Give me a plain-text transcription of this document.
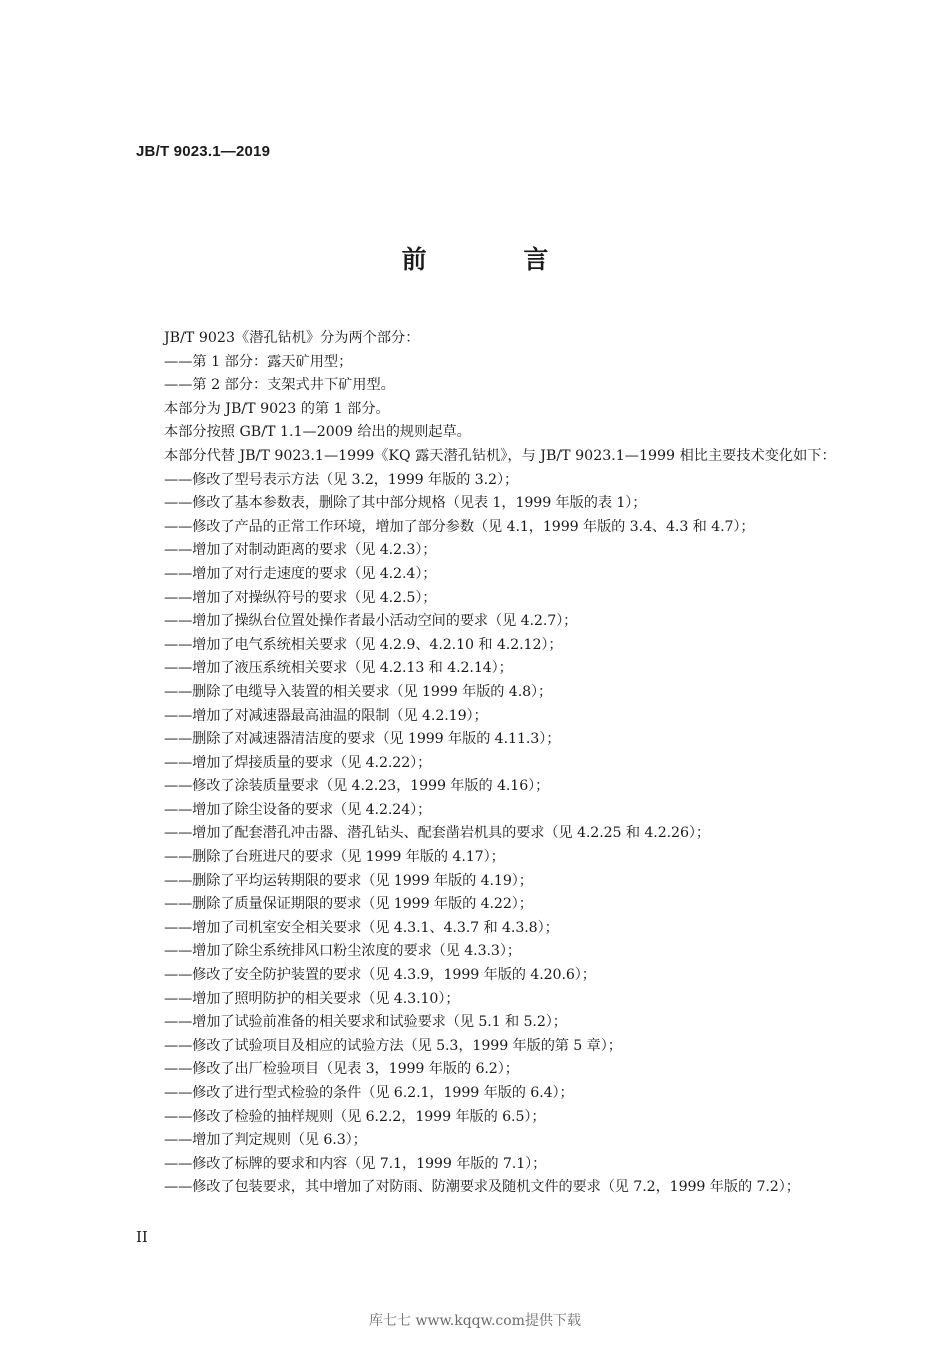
JB/T 9023.1—2019
前 言
JB/T 9023《潜孔钻机》分为两个部分：
——第 1 部分：露天矿用型；
——第 2 部分：支架式井下矿用型。
本部分为 JB/T 9023 的第 1 部分。
本部分按照 GB/T 1.1—2009 给出的规则起草。
本部分代替 JB/T 9023.1—1999《KQ 露天潜孔钻机》，与 JB/T 9023.1—1999 相比主要技术变化如下：
——修改了型号表示方法（见 3.2，1999 年版的 3.2）；
——修改了基本参数表，删除了其中部分规格（见表 1，1999 年版的表 1）；
——修改了产品的正常工作环境，增加了部分参数（见 4.1，1999 年版的 3.4、4.3 和 4.7）；
——增加了对制动距离的要求（见 4.2.3）；
——增加了对行走速度的要求（见 4.2.4）；
——增加了对操纵符号的要求（见 4.2.5）；
——增加了操纵台位置处操作者最小活动空间的要求（见 4.2.7）；
——增加了电气系统相关要求（见 4.2.9、4.2.10 和 4.2.12）；
——增加了液压系统相关要求（见 4.2.13 和 4.2.14）；
——删除了电缆导入装置的相关要求（见 1999 年版的 4.8）；
——增加了对减速器最高油温的限制（见 4.2.19）；
——删除了对减速器清洁度的要求（见 1999 年版的 4.11.3）；
——增加了焊接质量的要求（见 4.2.22）；
——修改了涂装质量要求（见 4.2.23，1999 年版的 4.16）；
——增加了除尘设备的要求（见 4.2.24）；
——增加了配套潜孔冲击器、潜孔钻头、配套凿岩机具的要求（见 4.2.25 和 4.2.26）；
——删除了台班进尺的要求（见 1999 年版的 4.17）；
——删除了平均运转期限的要求（见 1999 年版的 4.19）；
——删除了质量保证期限的要求（见 1999 年版的 4.22）；
——增加了司机室安全相关要求（见 4.3.1、4.3.7 和 4.3.8）；
——增加了除尘系统排风口粉尘浓度的要求（见 4.3.3）；
——修改了安全防护装置的要求（见 4.3.9，1999 年版的 4.20.6）；
——增加了照明防护的相关要求（见 4.3.10）；
——增加了试验前准备的相关要求和试验要求（见 5.1 和 5.2）；
——修改了试验项目及相应的试验方法（见 5.3，1999 年版的第 5 章）；
——修改了出厂检验项目（见表 3，1999 年版的 6.2）；
——修改了进行型式检验的条件（见 6.2.1，1999 年版的 6.4）；
——修改了检验的抽样规则（见 6.2.2，1999 年版的 6.5）；
——增加了判定规则（见 6.3）；
——修改了标牌的要求和内容（见 7.1，1999 年版的 7.1）；
——修改了包装要求，其中增加了对防雨、防潮要求及随机文件的要求（见 7.2，1999 年版的 7.2）；
II
库七七 www.kqqw.com提供下载
